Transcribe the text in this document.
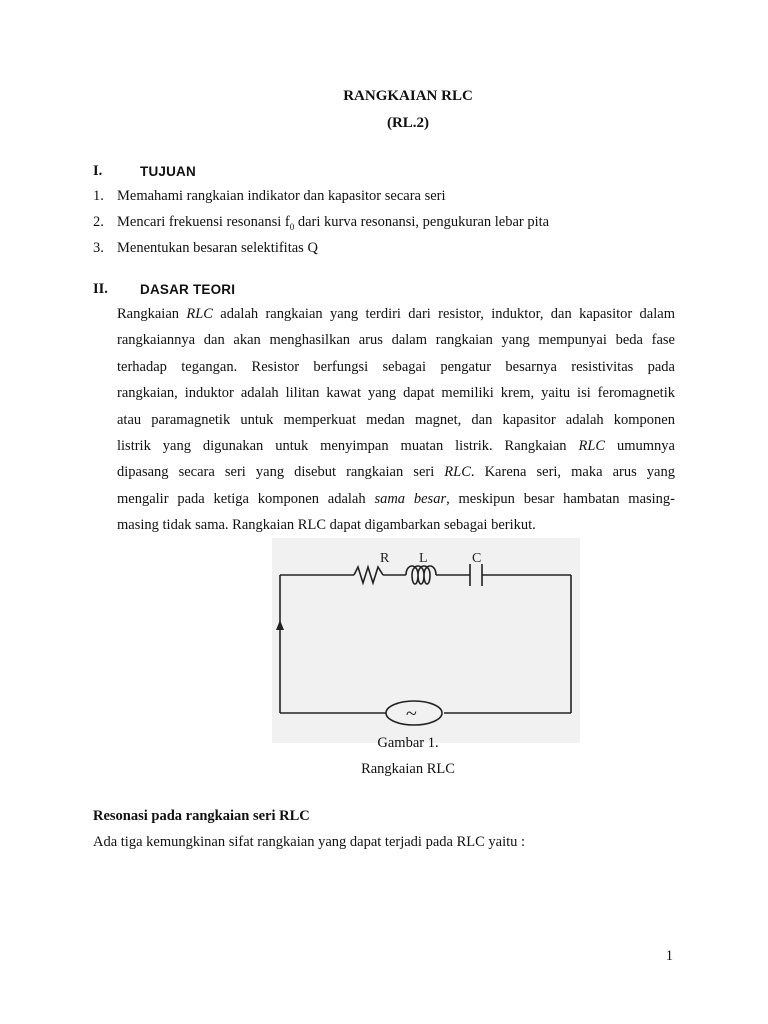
RANGKAIAN RLC
(RL.2)
I.	TUJUAN
1. Memahami rangkaian indikator dan kapasitor secara seri
2. Mencari frekuensi resonansi $f_0$ dari kurva resonansi, pengukuran lebar pita
3. Menentukan besaran selektifitas Q
II. DASAR TEORI
Rangkaian RLC adalah rangkaian yang terdiri dari resistor, induktor, dan kapasitor dalam
rangkaiannya dan akan menghasilkan arus dalam rangkaian yang mempunyai beda fase
terhadap tegangan. Resistor berfungsi sebagai pengatur besarnya resistivitas pada
rangkaian, induktor adalah lilitan kawat yang dapat memiliki krem, yaitu isi feromagnetik
atau paramagnetik untuk memperkuat medan magnet, dan kapasitor adalah komponen
listrik yang digunakan untuk menyimpan muatan listrik. Rangkaian RLC umumnya
dipasang secara seri yang disebut rangkaian seri RLC. Karena seri, maka arus yang
mengalir pada ketiga komponen adalah sama besar, meskipun besar hambatan masing-
masing tidak sama. Rangkaian RLC dapat digambarkan sebagai berikut.
R L	C
~
Gambar 1.
Rangkaian RLC
Resonasi pada rangkaian seri RLC
Ada tiga kemungkinan sifat rangkaian yang dapat terjadi pada RLC yaitu :
1
